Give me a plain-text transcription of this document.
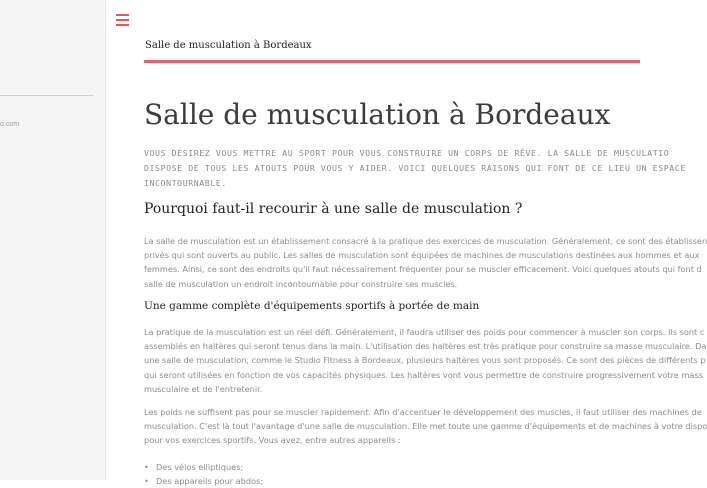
o.com
Salle de musculation à Bordeaux
Salle de musculation à Bordeaux
VOUS DÉSIREZ VOUS METTRE AU SPORT POUR VOUS CONSTRUIRE UN CORPS DE RÊVE. LA SALLE DE MUSCULATIO
DISPOSE DE TOUS LES ATOUTS POUR VOUS Y AIDER. VOICI QUELQUES RAISONS QUI FONT DE CE LIEU UN ESPACE
INCONTOURNABLE.
Pourquoi faut-il recourir à une salle de musculation ?
La salle de musculation est un établissement consacré à la pratique des exercices de musculation. Généralement, ce sont des établissen
privés qui sont ouverts au public. Les salles de musculation sont équipées de machines de musculations destinées aux hommes et aux
femmes. Ainsi, ce sont des endroits qu'il faut nécessairement fréquenter pour se muscler efficacement. Voici quelques atouts qui font d
salle de musculation un endroit incontournable pour construire ses muscles.
Une gamme complète d'équipements sportifs à portée de main
La pratique de la musculation est un réel défi. Généralement, il faudra utiliser des poids pour commencer à muscler son corps. Ils sont c
assemblés en haltères qui seront tenus dans la main. L'utilisation des haltères est très pratique pour construire sa masse musculaire. Da
une salle de musculation, comme le Studio Fitness à Bordeaux, plusieurs haltères vous sont proposés. Ce sont des pièces de différents p
qui seront utilisées en fonction de vos capacités physiques. Les haltères vont vous permettre de construire progressivement votre mass
musculaire et de l'entretenir.
Les poids ne suffisent pas pour se muscler rapidement. Afin d'accentuer le développement des muscles, il faut utiliser des machines de
musculation. C'est là tout l'avantage d'une salle de musculation. Elle met toute une gamme d'équipements et de machines à votre dispo
pour vos exercices sportifs. Vous avez, entre autres appareils :
• Des vélos elliptiques;
• Des appareils pour abdos;
